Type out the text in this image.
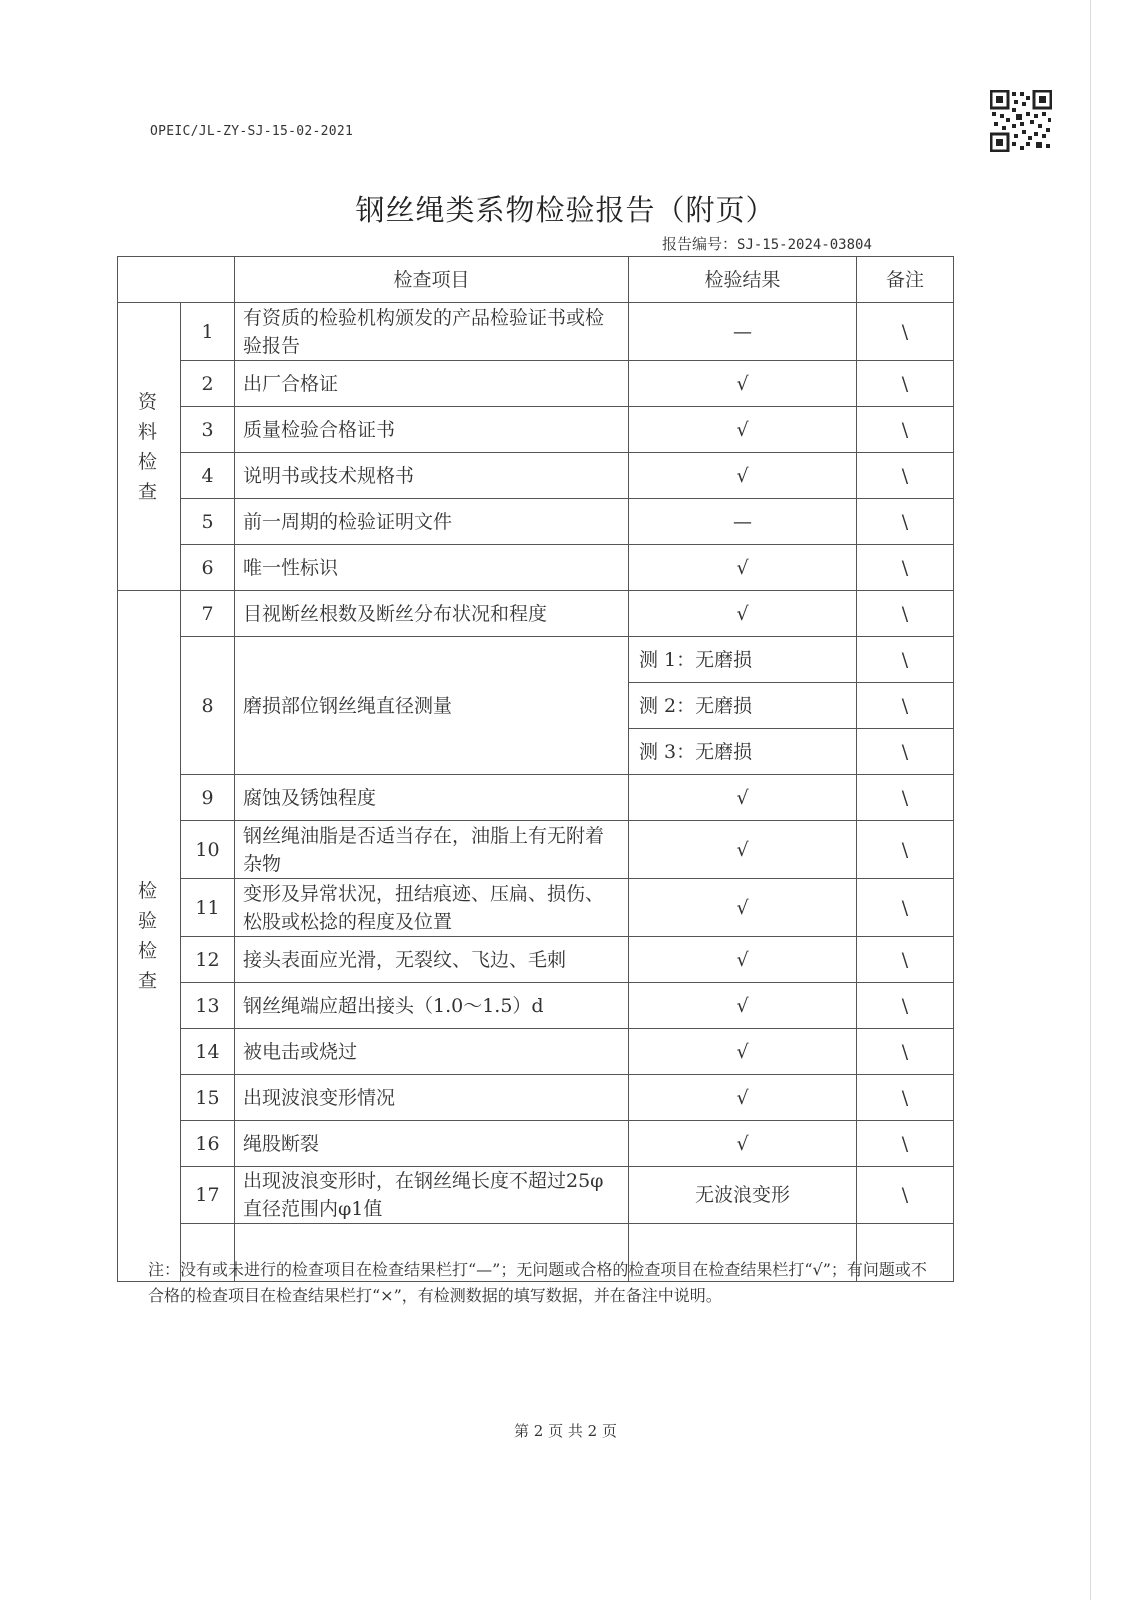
OPEIC/JL-ZY-SJ-15-02-2021
钢丝绳类系物检验报告（附页）
报告编号：SJ-15-2024-03804
		检查项目	检验结果	备注
资 料
检 查	1	有资质的检验机构颁发的产品检验证书或检验报告	—	\
	2	出厂合格证	√	\
	3	质量检验合格证书	√	\
	4	说明书或技术规格书	√	\
	5	前一周期的检验证明文件	—	\
	6	唯一性标识	√	\
检 验
检 查	7	目视断丝根数及断丝分布状况和程度	√	\
	8	磨损部位钢丝绳直径测量	测 1：无磨损	\
			测 2：无磨损	\
			测 3：无磨损	\
	9	腐蚀及锈蚀程度	√	\
	10	钢丝绳油脂是否适当存在，油脂上有无附着杂物	√	\
	11	变形及异常状况，扭结痕迹、压扁、损伤、松股或松捻的程度及位置	√	\
	12	接头表面应光滑，无裂纹、飞边、毛刺	√	\
	13	钢丝绳端应超出接头（1.0～1.5）d	√	\
	14	被电击或烧过	√	\
	15	出现波浪变形情况	√	\
	16	绳股断裂	√	\
	17	出现波浪变形时，在钢丝绳长度不超过25φ直径范围内φ1值	无波浪变形	\

注：没有或未进行的检查项目在检查结果栏打“—”；无问题或合格的检查项目在检查结果栏打“√”；有问题或不合格的检查项目在检查结果栏打“×”，有检测数据的填写数据，并在备注中说明。
第 2 页 共 2 页
